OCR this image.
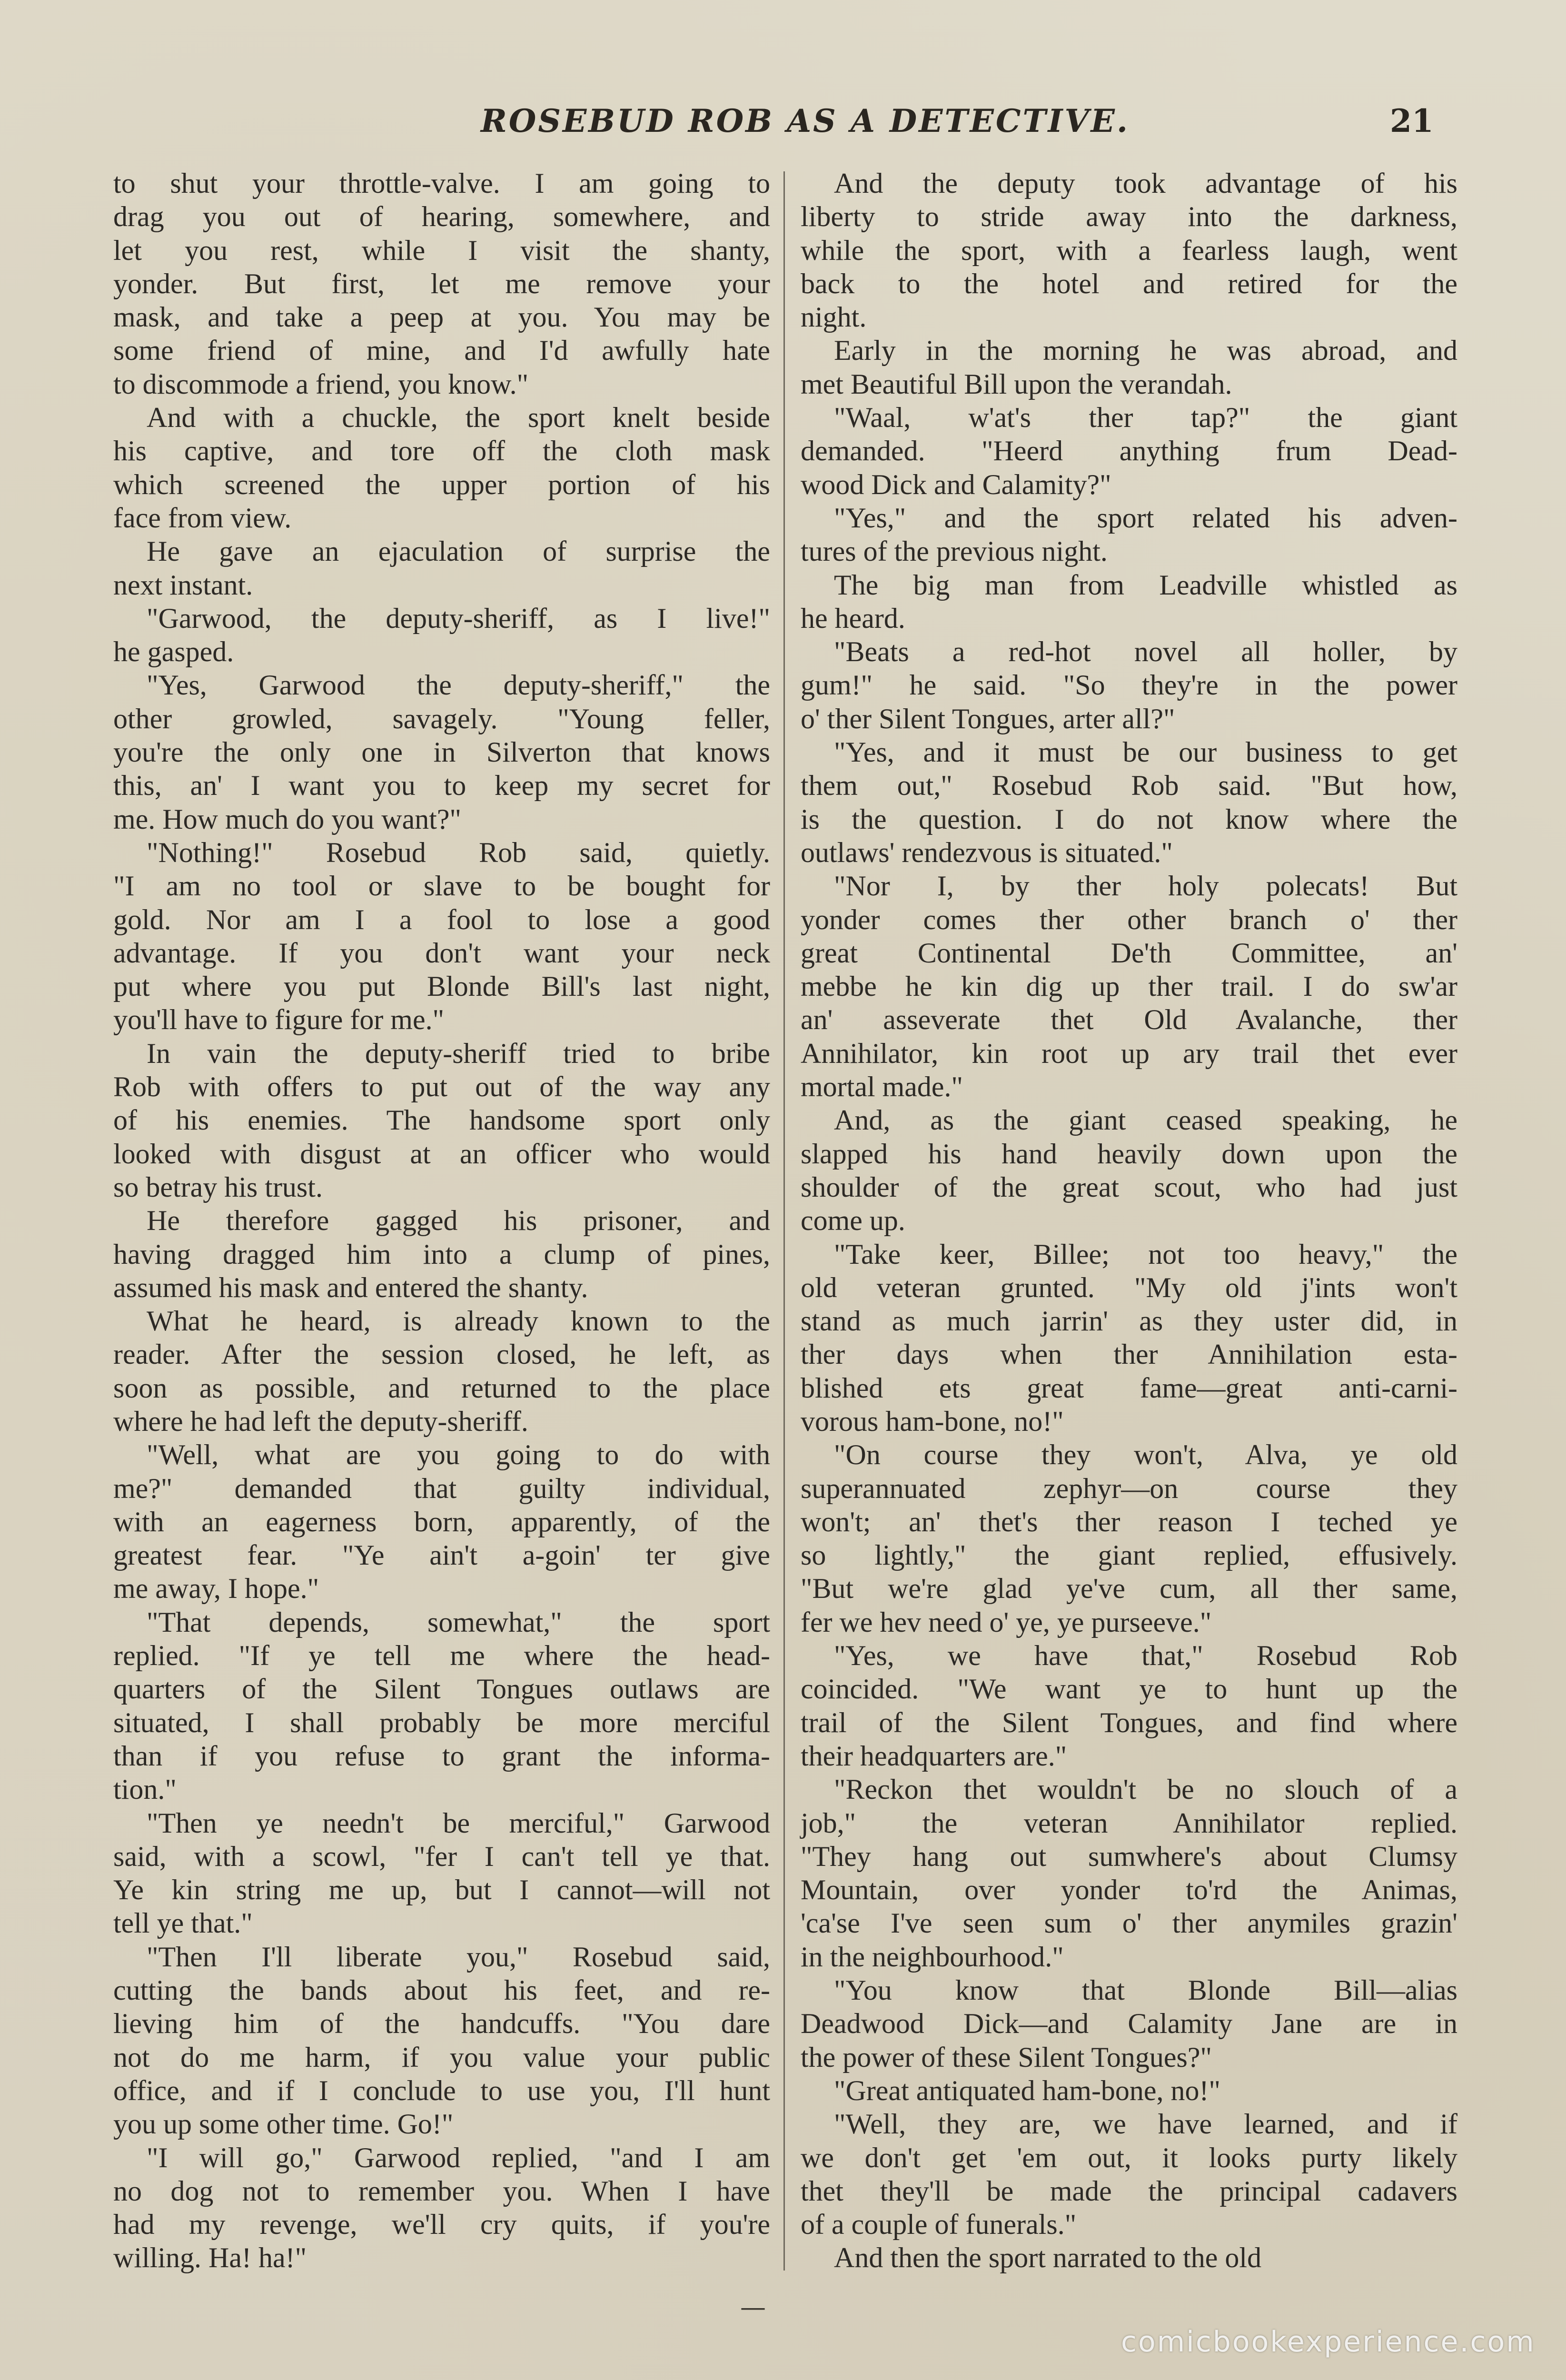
ROSEBUD ROB AS A DETECTIVE.	21
to shut your throttle-valve. I am going to
drag you out of hearing, somewhere, and
let you rest, while I visit the shanty,
yonder. But first, let me remove your
mask, and take a peep at you. You may be
some friend of mine, and I'd awfully hate
to discommode a friend, you know."
And with a chuckle, the sport knelt beside
his captive, and tore off the cloth mask
which screened the upper portion of his
face from view.
He gave an ejaculation of surprise the
next instant.
"Garwood, the deputy-sheriff, as I live!"
he gasped.
"Yes, Garwood the deputy-sheriff," the
other growled, savagely. "Young feller,
you're the only one in Silverton that knows
this, an' I want you to keep my secret for
me. How much do you want?"
"Nothing!" Rosebud Rob said, quietly.
"I am no tool or slave to be bought for
gold. Nor am I a fool to lose a good
advantage. If you don't want your neck
put where you put Blonde Bill's last night,
you'll have to figure for me."
In vain the deputy-sheriff tried to bribe
Rob with offers to put out of the way any
of his enemies. The handsome sport only
looked with disgust at an officer who would
so betray his trust.
He therefore gagged his prisoner, and
having dragged him into a clump of pines,
assumed his mask and entered the shanty.
What he heard, is already known to the
reader. After the session closed, he left, as
soon as possible, and returned to the place
where he had left the deputy-sheriff.
"Well, what are you going to do with
me?" demanded that guilty individual,
with an eagerness born, apparently, of the
greatest fear. "Ye ain't a-goin' ter give
me away, I hope."
"That depends, somewhat," the sport
replied. "If ye tell me where the head-
quarters of the Silent Tongues outlaws are
situated, I shall probably be more merciful
than if you refuse to grant the informa-
tion."
"Then ye needn't be merciful," Garwood
said, with a scowl, "fer I can't tell ye that.
Ye kin string me up, but I cannot—will not
tell ye that."
"Then I'll liberate you," Rosebud said,
cutting the bands about his feet, and re-
lieving him of the handcuffs. "You dare
not do me harm, if you value your public
office, and if I conclude to use you, I'll hunt
you up some other time. Go!"
"I will go," Garwood replied, "and I am
no dog not to remember you. When I have
had my revenge, we'll cry quits, if you're
willing. Ha! ha!"
And the deputy took advantage of his
liberty to stride away into the darkness,
while the sport, with a fearless laugh, went
back to the hotel and retired for the
night.
Early in the morning he was abroad, and
met Beautiful Bill upon the verandah.
"Waal, w'at's ther tap?" the giant
demanded. "Heerd anything frum Dead-
wood Dick and Calamity?"
"Yes," and the sport related his adven-
tures of the previous night.
The big man from Leadville whistled as
he heard.
"Beats a red-hot novel all holler, by
gum!" he said. "So they're in the power
o' ther Silent Tongues, arter all?"
"Yes, and it must be our business to get
them out," Rosebud Rob said. "But how,
is the question. I do not know where the
outlaws' rendezvous is situated."
"Nor I, by ther holy polecats! But
yonder comes ther other branch o' ther
great Continental De'th Committee, an'
mebbe he kin dig up ther trail. I do sw'ar
an' asseverate thet Old Avalanche, ther
Annihilator, kin root up ary trail thet ever
mortal made."
And, as the giant ceased speaking, he
slapped his hand heavily down upon the
shoulder of the great scout, who had just
come up.
"Take keer, Billee; not too heavy," the
old veteran grunted. "My old j'ints won't
stand as much jarrin' as they uster did, in
ther days when ther Annihilation esta-
blished ets great fame—great anti-carni-
vorous ham-bone, no!"
"On course they won't, Alva, ye old
superannuated zephyr—on course they
won't; an' thet's ther reason I teched ye
so lightly," the giant replied, effusively.
"But we're glad ye've cum, all ther same,
fer we hev need o' ye, ye purseeve."
"Yes, we have that," Rosebud Rob
coincided. "We want ye to hunt up the
trail of the Silent Tongues, and find where
their headquarters are."
"Reckon thet wouldn't be no slouch of a
job," the veteran Annihilator replied.
"They hang out sumwhere's about Clumsy
Mountain, over yonder to'rd the Animas,
'ca'se I've seen sum o' ther anymiles grazin'
in the neighbourhood."
"You know that Blonde Bill—alias
Deadwood Dick—and Calamity Jane are in
the power of these Silent Tongues?"
"Great antiquated ham-bone, no!"
"Well, they are, we have learned, and if
we don't get 'em out, it looks purty likely
thet they'll be made the principal cadavers
of a couple of funerals."
And then the sport narrated to the old
—
comicbookexperience.com
